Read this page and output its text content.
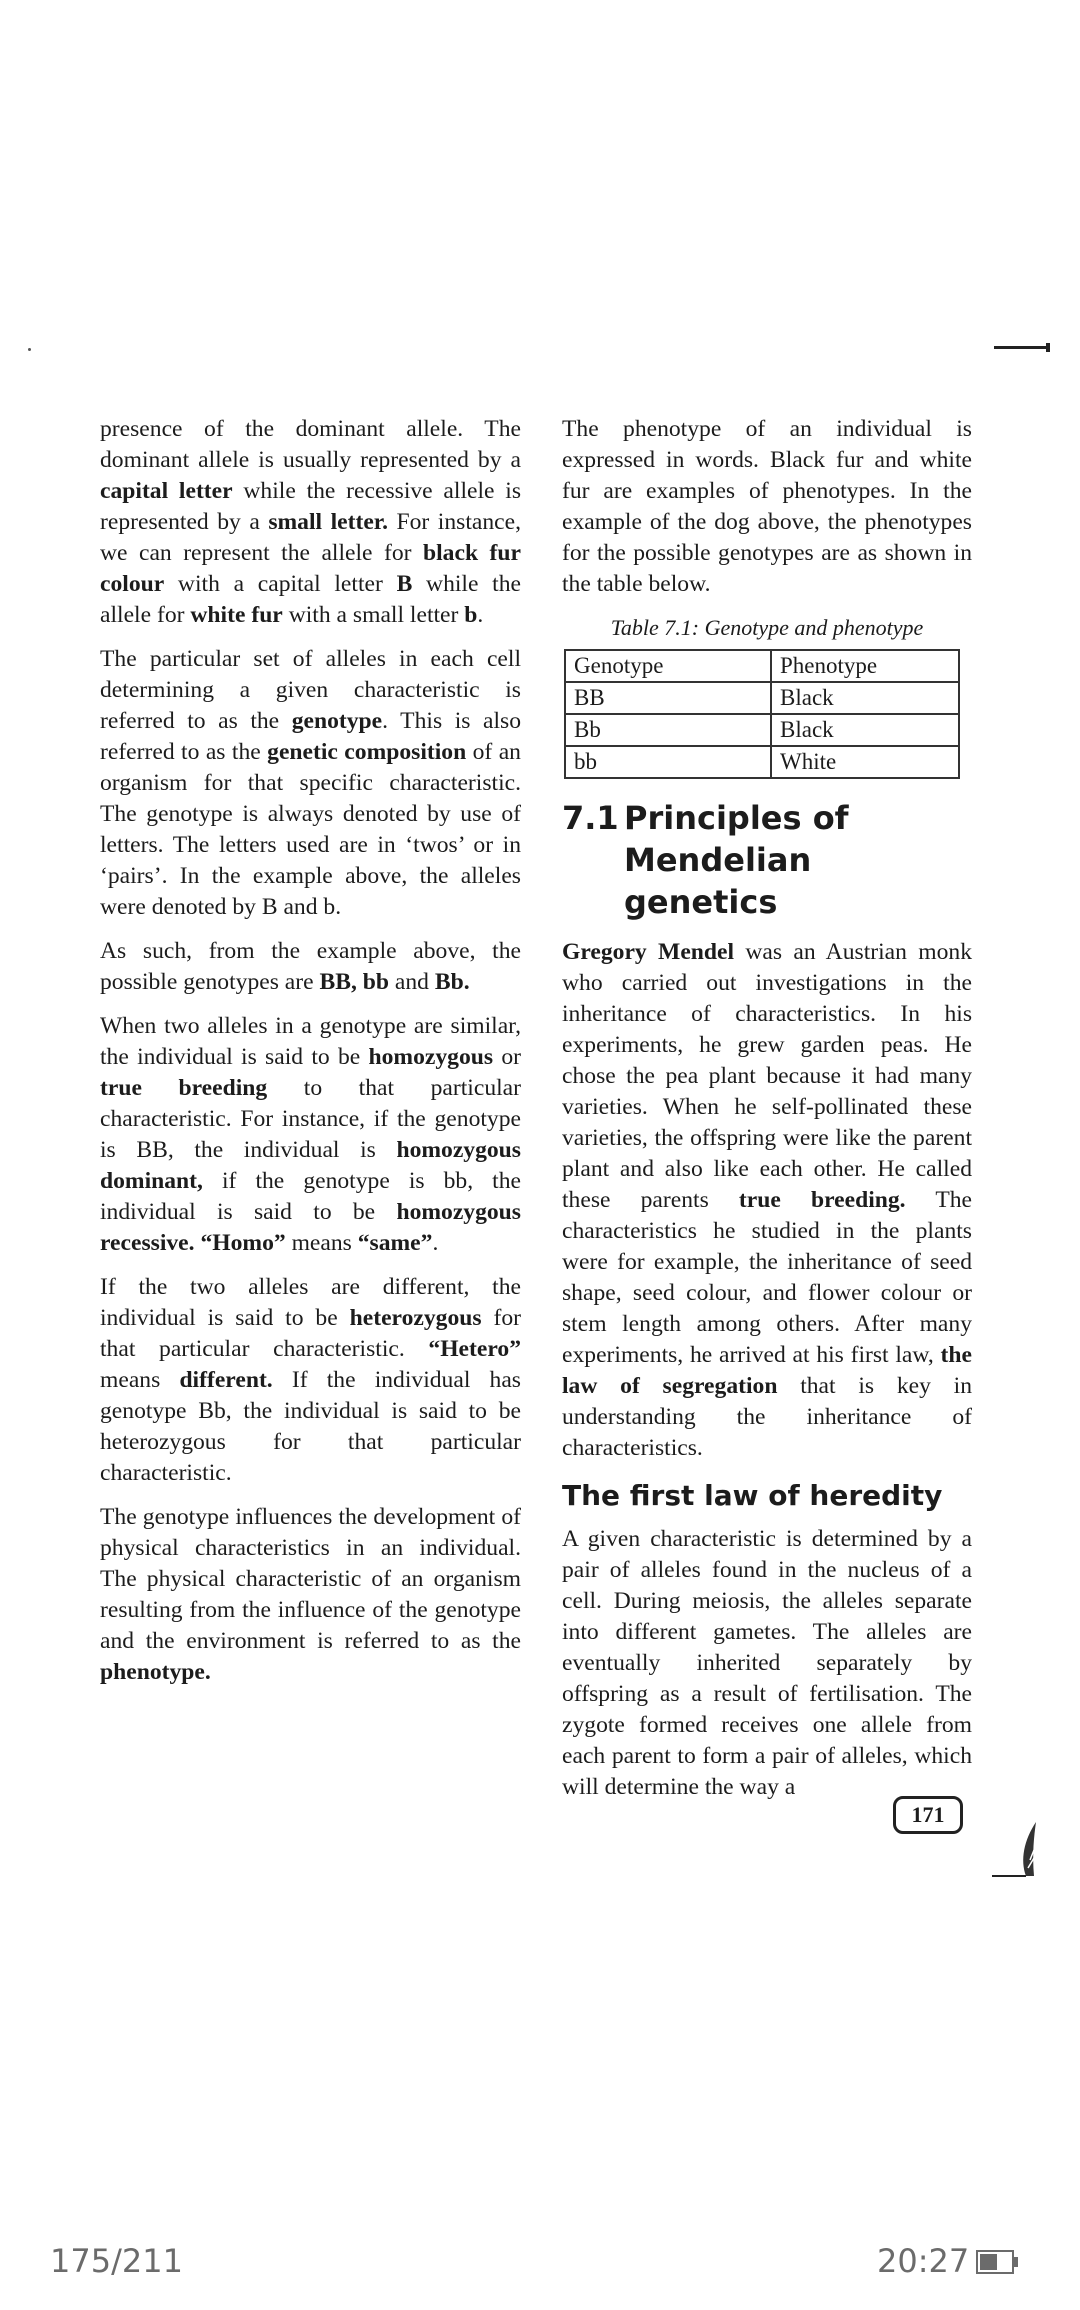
presence of the dominant allele. The dominant allele is usually represented by a capital letter while the recessive allele is represented by a small letter. For instance, we can represent the allele for black fur colour with a capital letter B while the allele for white fur with a small letter b.

The particular set of alleles in each cell determining a given characteristic is referred to as the genotype. This is also referred to as the genetic composition of an organism for that specific characteristic. The genotype is always denoted by use of letters. The letters used are in ‘twos’ or in ‘pairs’. In the example above, the alleles were denoted by B and b.

As such, from the example above, the possible genotypes are BB, bb and Bb.

When two alleles in a genotype are similar, the individual is said to be homozygous or true breeding to that particular characteristic. For instance, if the genotype is BB, the individual is homozygous dominant, if the genotype is bb, the individual is said to be homozygous recessive. “Homo” means “same”.

If the two alleles are different, the individual is said to be heterozygous for that particular characteristic. “Hetero” means different. If the individual has genotype Bb, the individual is said to be heterozygous for that particular characteristic.

The genotype influences the development of physical characteristics in an individual. The physical characteristic of an organism resulting from the influence of the genotype and the environment is referred to as the phenotype.

The phenotype of an individual is expressed in words. Black fur and white fur are examples of phenotypes. In the example of the dog above, the phenotypes for the possible genotypes are as shown in the table below.

Table 7.1: Genotype and phenotype
Genotype	Phenotype
BB	Black
Bb	Black
bb	White
7.1 Principles of
Mendelian genetics

Gregory Mendel was an Austrian monk who carried out investigations in the inheritance of characteristics. In his experiments, he grew garden peas. He chose the pea plant because it had many varieties. When he self-pollinated these varieties, the offspring were like the parent plant and also like each other. He called these parents true breeding. The characteristics he studied in the plants were for example, the inheritance of seed shape, seed colour, and flower colour or stem length among others. After many experiments, he arrived at his first law, the law of segregation that is key in understanding the inheritance of characteristics.

The first law of heredity

A given characteristic is determined by a pair of alleles found in the nucleus of a cell. During meiosis, the alleles separate into different gametes. The alleles are eventually inherited separately by offspring as a result of fertilisation. The zygote formed receives one allele from each parent to form a pair of alleles, which will determine the way a

171
175/211	20:27
